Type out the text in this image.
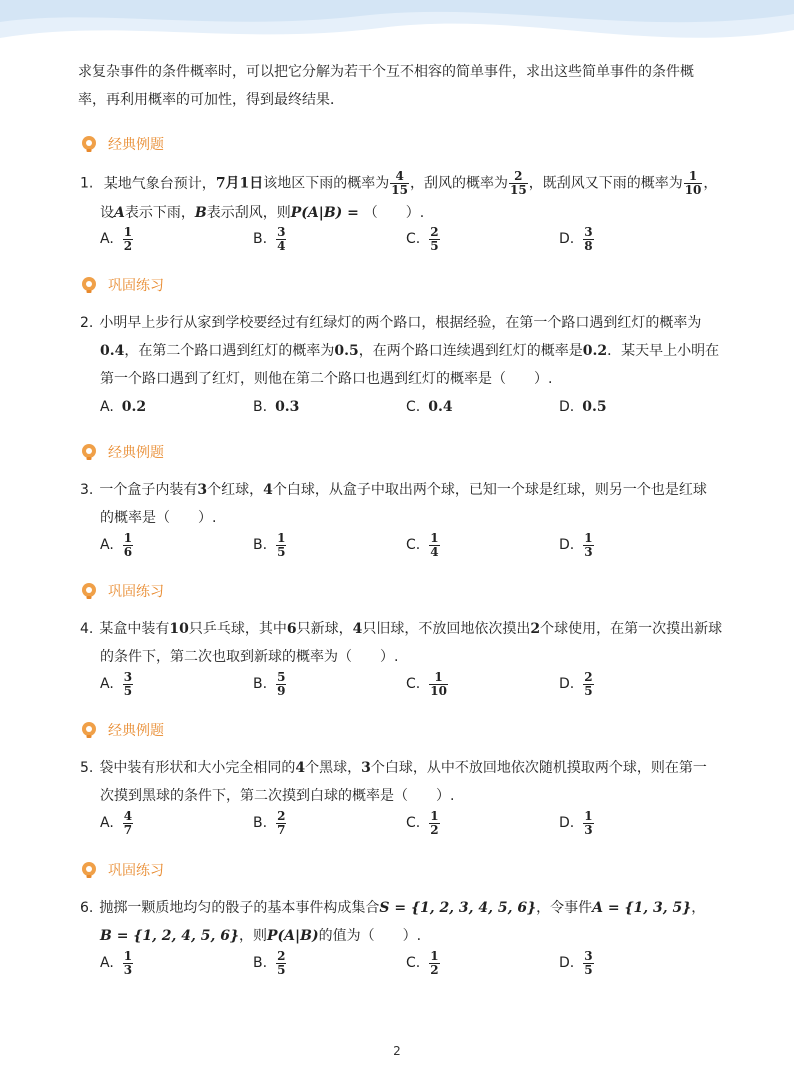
求复杂事件的条件概率时，可以把它分解为若干个互不相容的简单事件，求出这些简单事件的条件概
率，再利用概率的可加性，得到最终结果．
经典例题
1. 某地气象台预计，7月1日该地区下雨的概率为 $\frac{4}{15}$ ，刮风的概率为 $\frac{2}{15}$ ，既刮风又下雨的概率为 $\frac{1}{10}$ ，
设A表示下雨，B表示刮风，则P(A|B) = （　　）.
A. $\frac{1}{2}$	B. $\frac{3}{4}$	C. $\frac{2}{5}$	D. $\frac{3}{8}$
巩固练习
2. 小明早上步行从家到学校要经过有红绿灯的两个路口，根据经验，在第一个路口遇到红灯的概率为
0.4，在第二个路口遇到红灯的概率为0.5，在两个路口连续遇到红灯的概率是0.2．某天早上小明在
第一个路口遇到了红灯，则他在第二个路口也遇到红灯的概率是（　　）.
A. 0.2	B. 0.3	C. 0.4	D. 0.5
经典例题
3. 一个盒子内装有3个红球，4个白球，从盒子中取出两个球，已知一个球是红球，则另一个也是红球
的概率是（　　）.
A. $\frac{1}{6}$	B. $\frac{1}{5}$	C. $\frac{1}{4}$	D. $\frac{1}{3}$
巩固练习
4. 某盒中装有10只乒乓球，其中6只新球，4只旧球，不放回地依次摸出2个球使用，在第一次摸出新球
的条件下，第二次也取到新球的概率为（　　）.
A. $\frac{3}{5}$	B. $\frac{5}{9}$	C. $\frac{1}{10}$	D. $\frac{2}{5}$
经典例题
5. 袋中装有形状和大小完全相同的4个黑球，3个白球，从中不放回地依次随机摸取两个球，则在第一
次摸到黑球的条件下，第二次摸到白球的概率是（　　）.
A. $\frac{4}{7}$	B. $\frac{2}{7}$	C. $\frac{1}{2}$	D. $\frac{1}{3}$
巩固练习
6. 抛掷一颗质地均匀的骰子的基本事件构成集合S = {1, 2, 3, 4, 5, 6}，令事件A = {1, 3, 5}，
B = {1, 2, 4, 5, 6}，则P(A|B)的值为（　　）.
A. $\frac{1}{3}$	B. $\frac{2}{5}$	C. $\frac{1}{2}$	D. $\frac{3}{5}$
2
